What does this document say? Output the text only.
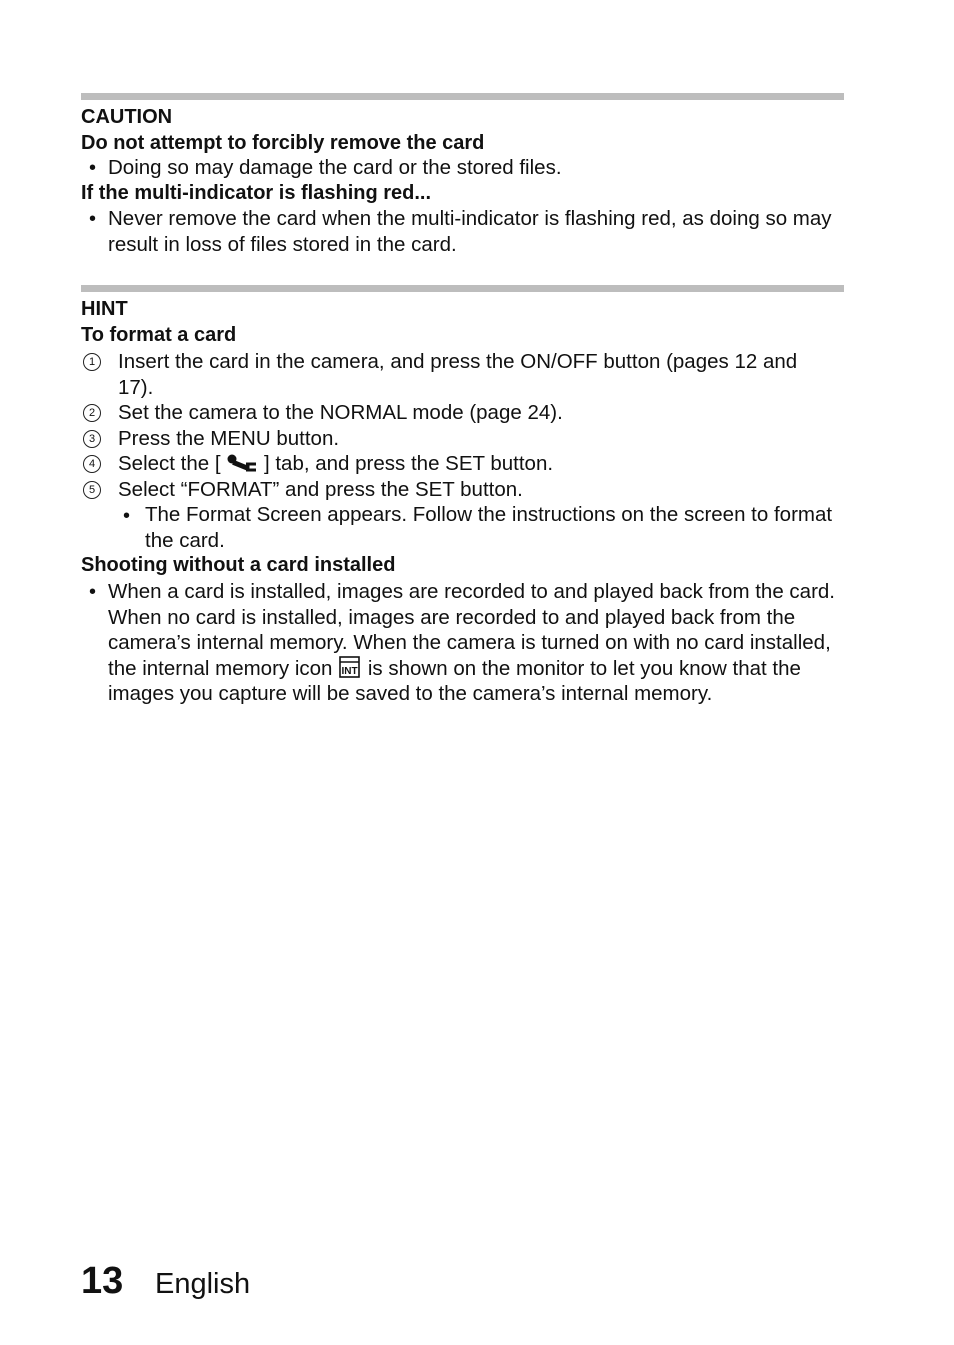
CAUTION
Do not attempt to forcibly remove the card
• Doing so may damage the card or the stored files.
If the multi-indicator is flashing red...
• Never remove the card when the multi-indicator is flashing red, as doing so may result in loss of files stored in the card.
HINT
To format a card
1 Insert the card in the camera, and press the ON/OFF button (pages 12 and 17).
2 Set the camera to the NORMAL mode (page 24).
3 Press the MENU button.
4 Select the [ ] tab, and press the SET button.
5 Select “FORMAT” and press the SET button.
• The Format Screen appears. Follow the instructions on the screen to format the card.
Shooting without a card installed
• When a card is installed, images are recorded to and played back from the card. When no card is installed, images are recorded to and played back from the camera’s internal memory. When the camera is turned on with no card installed, the internal memory icon INT is shown on the monitor to let you know that the images you capture will be saved to the camera’s internal memory.
13 English
